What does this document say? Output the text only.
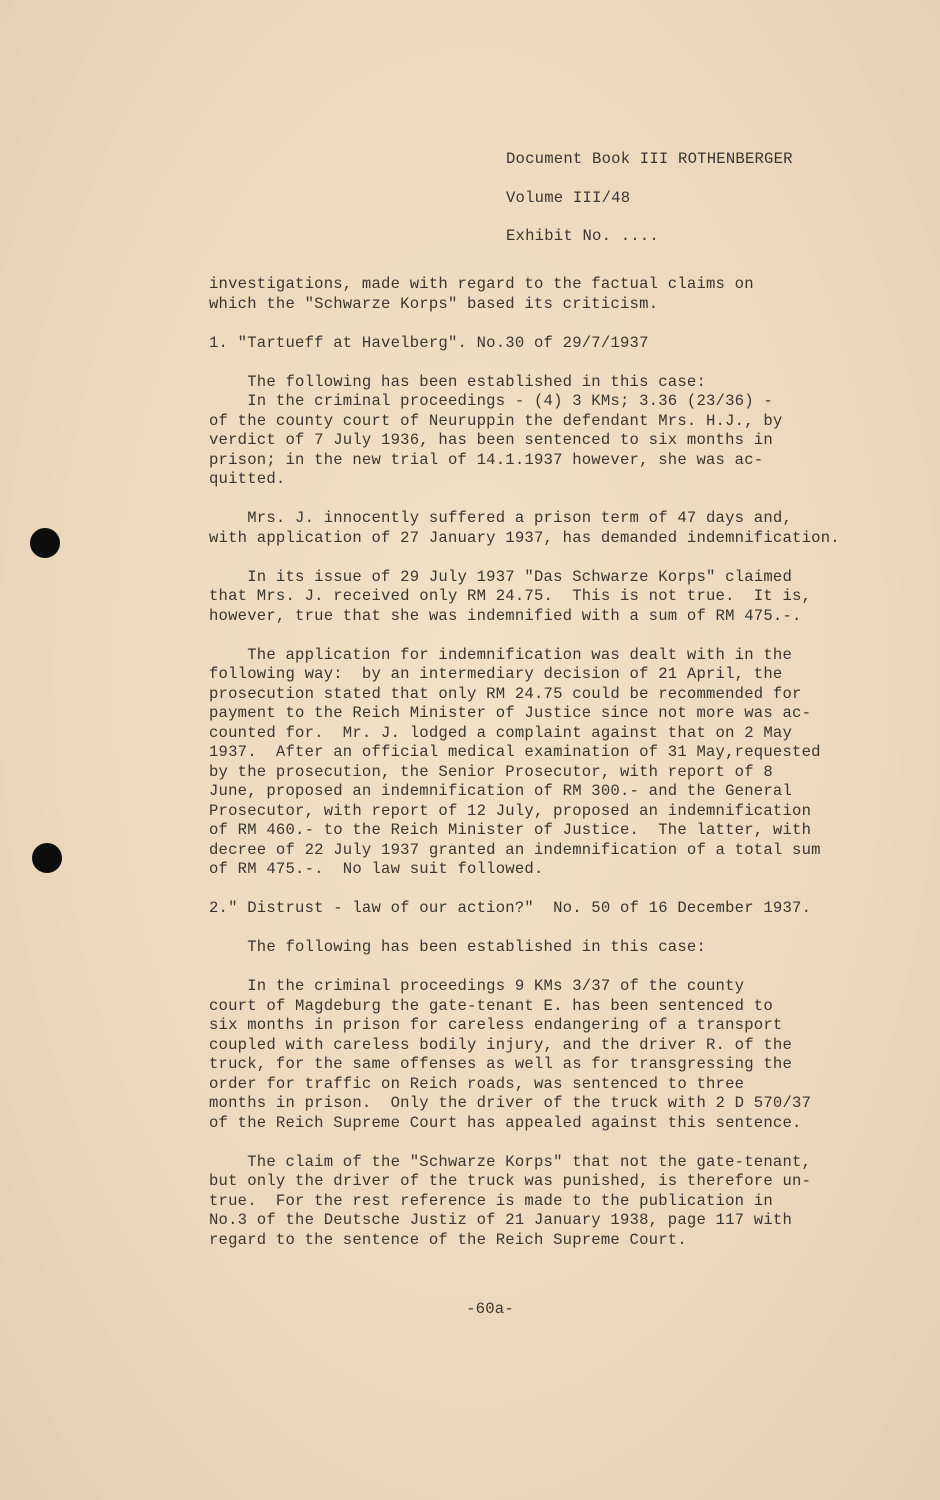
Document Book III ROTHENBERGER
Volume III/48
Exhibit No. ....
investigations, made with regard to the factual claims on
which the "Schwarze Korps" based its criticism.
1. "Tartueff at Havelberg". No.30 of 29/7/1937
The following has been established in this case:
In the criminal proceedings - (4) 3 KMs; 3.36 (23/36) -
of the county court of Neuruppin the defendant Mrs. H.J., by
verdict of 7 July 1936, has been sentenced to six months in
prison; in the new trial of 14.1.1937 however, she was ac-
quitted.
Mrs. J. innocently suffered a prison term of 47 days and,
with application of 27 January 1937, has demanded indemnification.
In its issue of 29 July 1937 "Das Schwarze Korps" claimed
that Mrs. J. received only RM 24.75.  This is not true.  It is,
however, true that she was indemnified with a sum of RM 475.-.
The application for indemnification was dealt with in the
following way:  by an intermediary decision of 21 April, the
prosecution stated that only RM 24.75 could be recommended for
payment to the Reich Minister of Justice since not more was ac-
counted for.  Mr. J. lodged a complaint against that on 2 May
1937.  After an official medical examination of 31 May,requested
by the prosecution, the Senior Prosecutor, with report of 8
June, proposed an indemnification of RM 300.- and the General
Prosecutor, with report of 12 July, proposed an indemnification
of RM 460.- to the Reich Minister of Justice.  The latter, with
decree of 22 July 1937 granted an indemnification of a total sum
of RM 475.-.  No law suit followed.
2." Distrust - law of our action?"  No. 50 of 16 December 1937.
The following has been established in this case:
In the criminal proceedings 9 KMs 3/37 of the county
court of Magdeburg the gate-tenant E. has been sentenced to
six months in prison for careless endangering of a transport
coupled with careless bodily injury, and the driver R. of the
truck, for the same offenses as well as for transgressing the
order for traffic on Reich roads, was sentenced to three
months in prison.  Only the driver of the truck with 2 D 570/37
of the Reich Supreme Court has appealed against this sentence.
The claim of the "Schwarze Korps" that not the gate-tenant,
but only the driver of the truck was punished, is therefore un-
true.  For the rest reference is made to the publication in
No.3 of the Deutsche Justiz of 21 January 1938, page 117 with
regard to the sentence of the Reich Supreme Court.
-60a-
